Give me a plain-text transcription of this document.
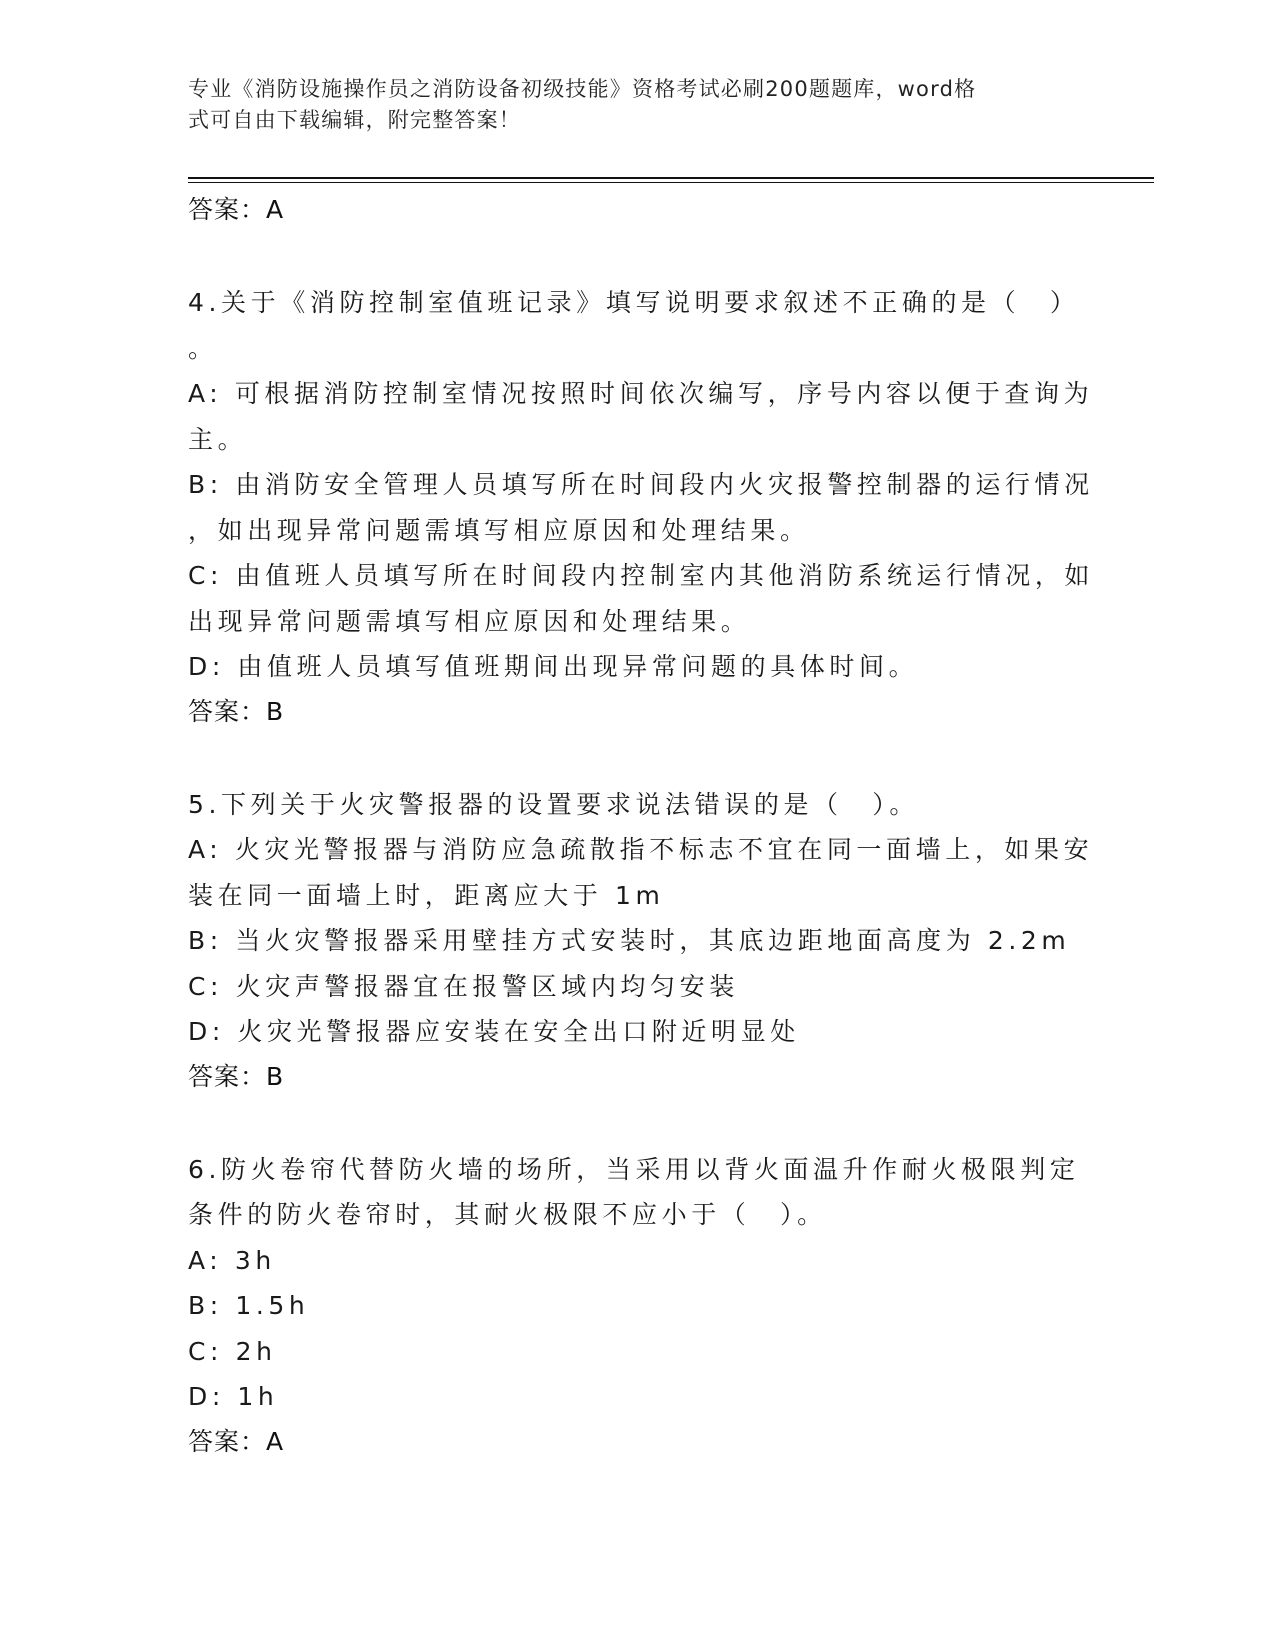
专业《消防设施操作员之消防设备初级技能》资格考试必刷200题题库，word格
式可自由下载编辑，附完整答案！
答案：A
4.关于《消防控制室值班记录》填写说明要求叙述不正确的是（　）
。
A: 可根据消防控制室情况按照时间依次编写，序号内容以便于查询为
主。
B: 由消防安全管理人员填写所在时间段内火灾报警控制器的运行情况
，如出现异常问题需填写相应原因和处理结果。
C: 由值班人员填写所在时间段内控制室内其他消防系统运行情况，如
出现异常问题需填写相应原因和处理结果。
D: 由值班人员填写值班期间出现异常问题的具体时间。
答案：B
5.下列关于火灾警报器的设置要求说法错误的是（　）。
A: 火灾光警报器与消防应急疏散指不标志不宜在同一面墙上，如果安
装在同一面墙上时，距离应大于 1m
B: 当火灾警报器采用壁挂方式安装时，其底边距地面高度为 2.2m
C: 火灾声警报器宜在报警区域内均匀安装
D: 火灾光警报器应安装在安全出口附近明显处
答案：B
6.防火卷帘代替防火墙的场所，当采用以背火面温升作耐火极限判定
条件的防火卷帘时，其耐火极限不应小于（　）。
A: 3h
B: 1.5h
C: 2h
D: 1h
答案：A
